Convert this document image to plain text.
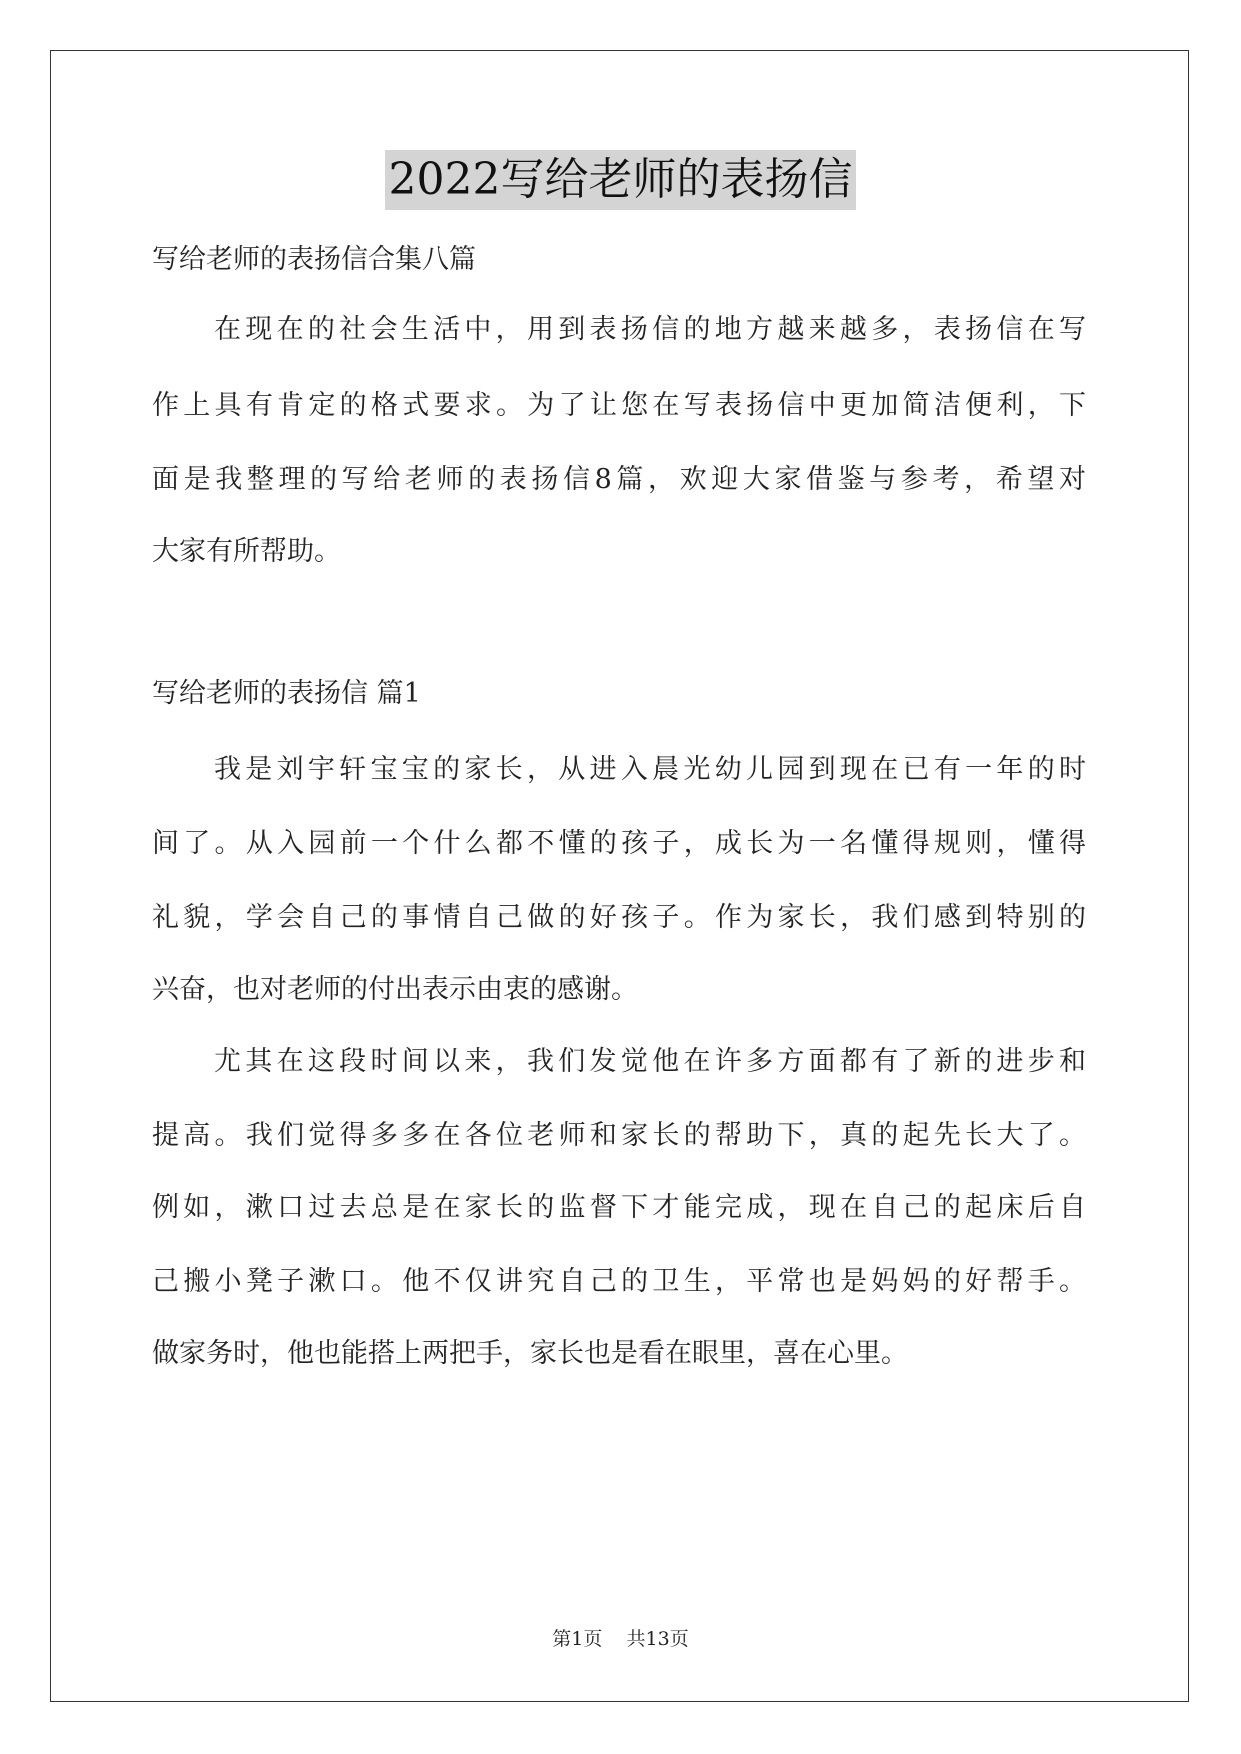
2022写给老师的表扬信
写给老师的表扬信合集八篇
在现在的社会生活中，用到表扬信的地方越来越多，表扬信在写
作上具有肯定的格式要求。为了让您在写表扬信中更加简洁便利，下
面是我整理的写给老师的表扬信8篇，欢迎大家借鉴与参考，希望对
大家有所帮助。
写给老师的表扬信 篇1
我是刘宇轩宝宝的家长，从进入晨光幼儿园到现在已有一年的时
间了。从入园前一个什么都不懂的孩子，成长为一名懂得规则，懂得
礼貌，学会自己的事情自己做的好孩子。作为家长，我们感到特别的
兴奋，也对老师的付出表示由衷的感谢。
尤其在这段时间以来，我们发觉他在许多方面都有了新的进步和
提高。我们觉得多多在各位老师和家长的帮助下，真的起先长大了。
例如，漱口过去总是在家长的监督下才能完成，现在自己的起床后自
己搬小凳子漱口。他不仅讲究自己的卫生，平常也是妈妈的好帮手。
做家务时，他也能搭上两把手，家长也是看在眼里，喜在心里。
第1页 共13页
